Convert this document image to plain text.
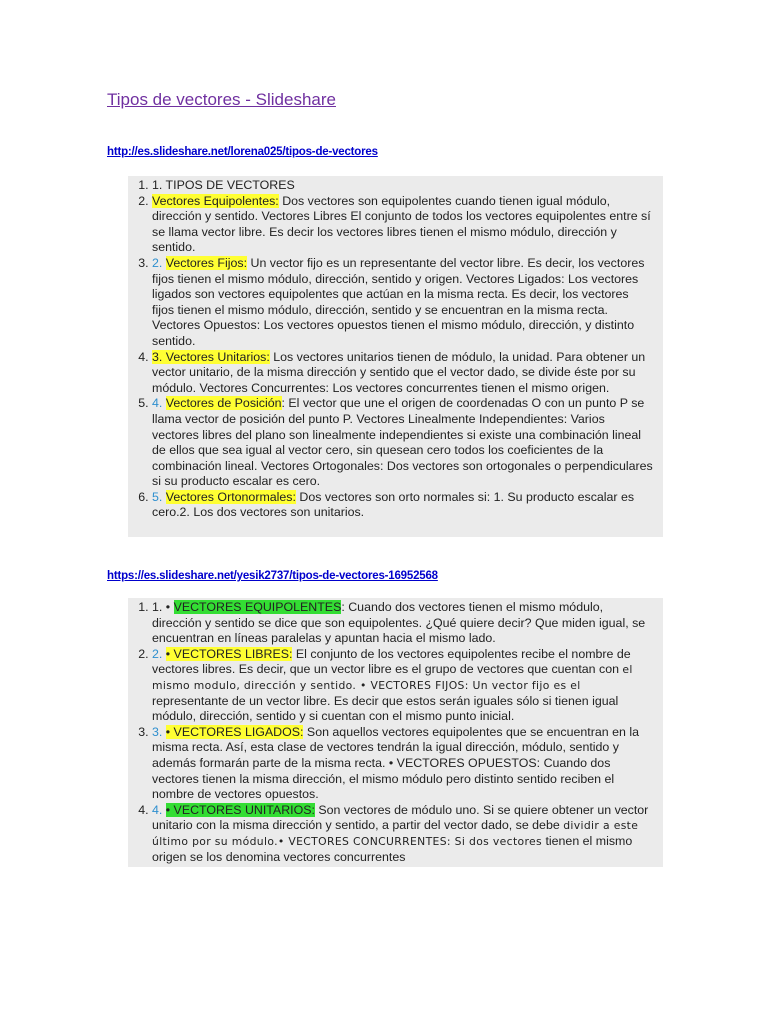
Tipos de vectores - Slideshare
http://es.slideshare.net/lorena025/tipos-de-vectores
1. 1. TIPOS DE VECTORES
2. Vectores Equipolentes: Dos vectores son equipolentes cuando tienen igual módulo, dirección y sentido. Vectores Libres El conjunto de todos los vectores equipolentes entre sí se llama vector libre. Es decir los vectores libres tienen el mismo módulo, dirección y sentido.
3. 2. Vectores Fijos: Un vector fijo es un representante del vector libre. Es decir, los vectores fijos tienen el mismo módulo, dirección, sentido y origen. Vectores Ligados: Los vectores ligados son vectores equipolentes que actúan en la misma recta. Es decir, los vectores fijos tienen el mismo módulo, dirección, sentido y se encuentran en la misma recta. Vectores Opuestos: Los vectores opuestos tienen el mismo módulo, dirección, y distinto sentido.
4. 3. Vectores Unitarios: Los vectores unitarios tienen de módulo, la unidad. Para obtener un vector unitario, de la misma dirección y sentido que el vector dado, se divide éste por su módulo. Vectores Concurrentes: Los vectores concurrentes tienen el mismo origen.
5. 4. Vectores de Posición: El vector que une el origen de coordenadas O con un punto P se llama vector de posición del punto P. Vectores Linealmente Independientes: Varios vectores libres del plano son linealmente independientes si existe una combinación lineal de ellos que sea igual al vector cero, sin quesean cero todos los coeficientes de la combinación lineal. Vectores Ortogonales: Dos vectores son ortogonales o perpendiculares si su producto escalar es cero.
6. 5. Vectores Ortonormales: Dos vectores son orto normales si: 1. Su producto escalar es cero.2. Los dos vectores son unitarios.
https://es.slideshare.net/yesik2737/tipos-de-vectores-16952568
1. 1. • VECTORES EQUIPOLENTES: Cuando dos vectores tienen el mismo módulo, dirección y sentido se dice que son equipolentes. ¿Qué quiere decir? Que miden igual, se encuentran en líneas paralelas y apuntan hacia el mismo lado.
2. 2. • VECTORES LIBRES: El conjunto de los vectores equipolentes recibe el nombre de vectores libres. Es decir, que un vector libre es el grupo de vectores que cuentan con el mismo modulo, dirección y sentido. • VECTORES FIJOS: Un vector fijo es el representante de un vector libre. Es decir que estos serán iguales sólo si tienen igual módulo, dirección, sentido y si cuentan con el mismo punto inicial.
3. 3. • VECTORES LIGADOS: Son aquellos vectores equipolentes que se encuentran en la misma recta. Así, esta clase de vectores tendrán la igual dirección, módulo, sentido y además formarán parte de la misma recta. • VECTORES OPUESTOS: Cuando dos vectores tienen la misma dirección, el mismo módulo pero distinto sentido reciben el nombre de vectores opuestos.
4. 4. • VECTORES UNITARIOS: Son vectores de módulo uno. Si se quiere obtener un vector unitario con la misma dirección y sentido, a partir del vector dado, se debe dividir a este último por su módulo.• VECTORES CONCURRENTES: Si dos vectores tienen el mismo origen se los denomina vectores concurrentes
